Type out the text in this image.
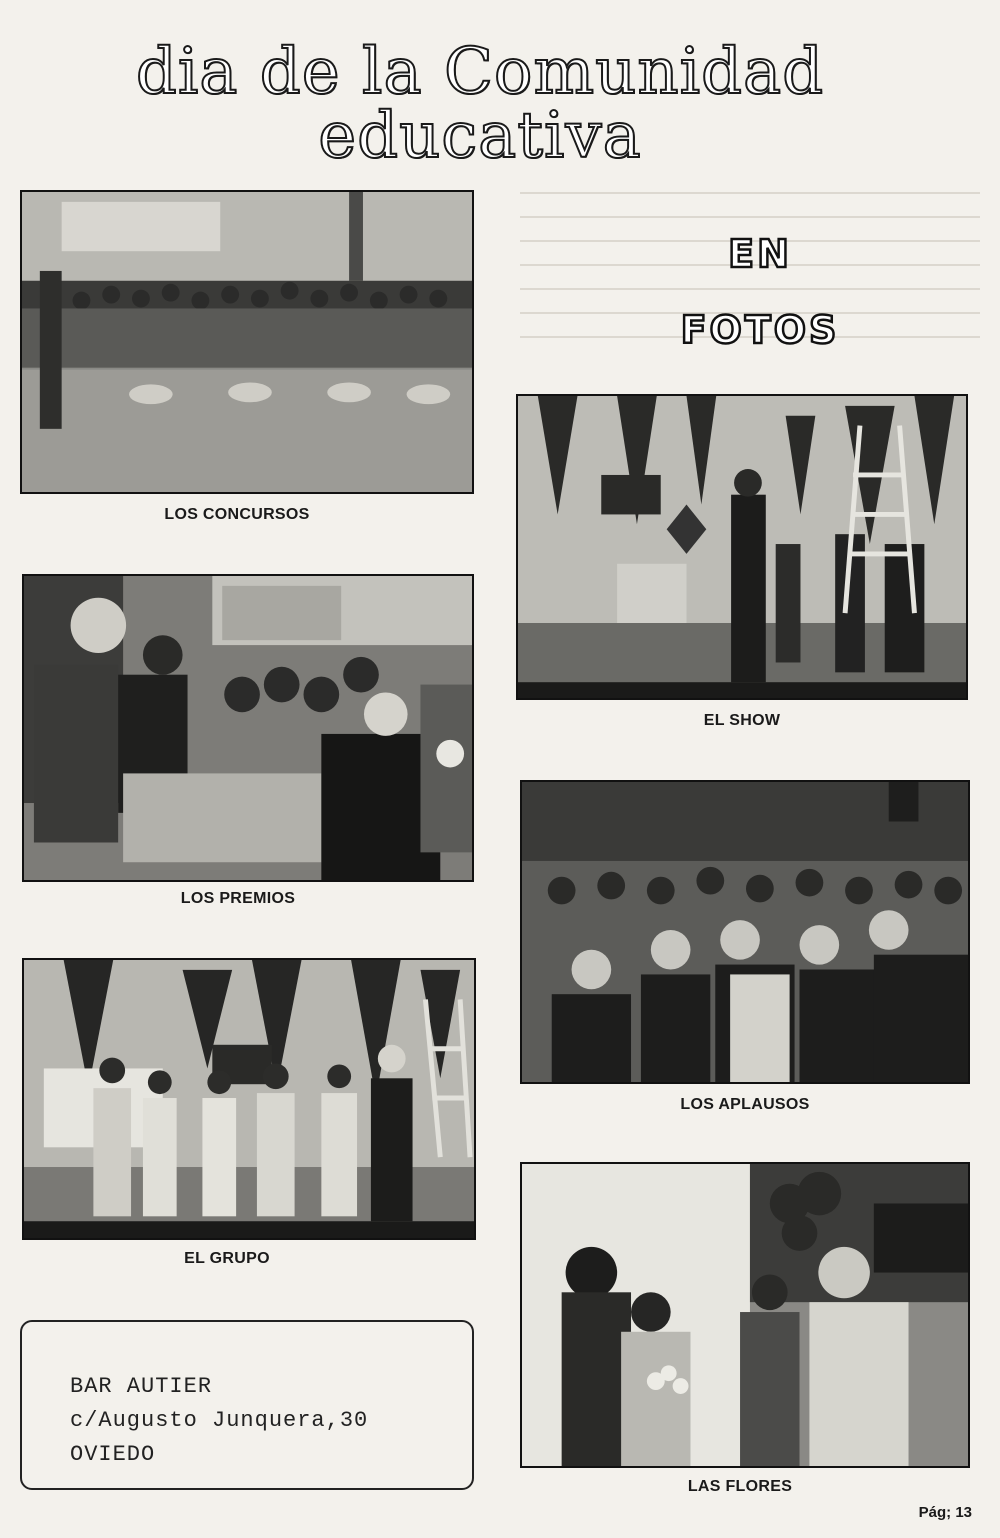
dia de la Comunidad educativa
EN
FOTOS
LOS CONCURSOS
EL SHOW
LOS PREMIOS
LOS APLAUSOS
EL GRUPO
LAS FLORES
BAR AUTIER
c/Augusto Junquera,30
OVIEDO
Pág; 13
